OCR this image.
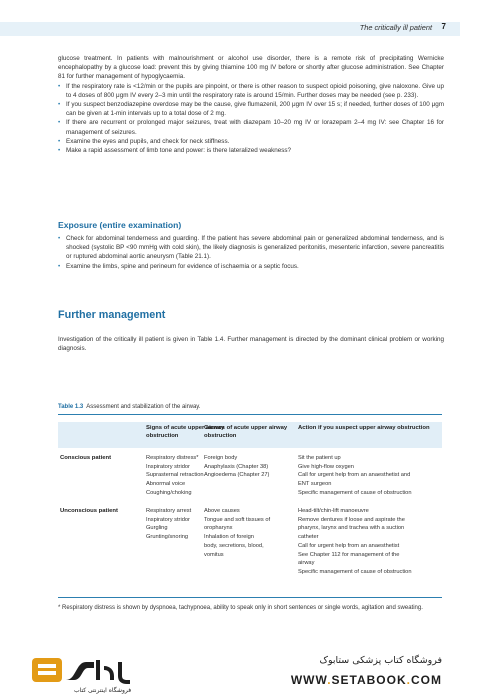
The critically ill patient 7

glucose treatment. In patients with malnourishment or alcohol use disorder, there is a remote risk of precipitating Wernicke encephalopathy by a glucose load: prevent this by giving thiamine 100 mg IV before or shortly after glucose administration. See Chapter 81 for further management of hypoglycaemia.

• If the respiratory rate is <12/min or the pupils are pinpoint, or there is other reason to suspect opioid poisoning, give naloxone. Give up to 4 doses of 800 μgm IV every 2–3 min until the respiratory rate is around 15/min. Further doses may be needed (see p. 233).
• If you suspect benzodiazepine overdose may be the cause, give flumazenil, 200 μgm IV over 15 s; if needed, further doses of 100 μgm can be given at 1-min intervals up to a total dose of 2 mg.
• If there are recurrent or prolonged major seizures, treat with diazepam 10–20 mg IV or lorazepam 2–4 mg IV: see Chapter 16 for management of seizures.
• Examine the eyes and pupils, and check for neck stiffness.
• Make a rapid assessment of limb tone and power: is there lateralized weakness?
Exposure (entire examination)
• Check for abdominal tenderness and guarding. If the patient has severe abdominal pain or generalized abdominal tenderness, and is shocked (systolic BP <90 mmHg with cold skin), the likely diagnosis is generalized peritonitis, mesenteric infarction, severe pancreatitis or ruptured abdominal aortic aneurysm (Table 21.1).
• Examine the limbs, spine and perineum for evidence of ischaemia or a septic focus.
Further management

Investigation of the critically ill patient is given in Table 1.4. Further management is directed by the dominant clinical problem or working diagnosis.

Table 1.3 Assessment and stabilization of the airway.
Signs of acute upper airway obstruction
Causes of acute upper airway obstruction
Action if you suspect upper airway obstruction
Conscious patient	Respiratory distress*
Inspiratory stridor
Suprasternal retraction
Abnormal voice
Coughing/choking
Foreign body
Anaphylaxis (Chapter 38)
Angioedema (Chapter 27)
Sit the patient up
Give high-flow oxygen
Call for urgent help from an anaesthetist and
ENT surgeon
Specific management of cause of obstruction
Unconscious patient	Respiratory arrest
Inspiratory stridor
Gurgling
Grunting/snoring
Above causes
Tongue and soft tissues of
oropharynx
Inhalation of foreign
body, secretions, blood,
vomitus
Head-tilt/chin-lift manoeuvre
Remove dentures if loose and aspirate the
pharynx, larynx and trachea with a suction
catheter
Call for urgent help from an anaesthetist
See Chapter 112 for management of the
airway
Specific management of cause of obstruction
* Respiratory distress is shown by dyspnoea, tachypnoea, ability to speak only in short sentences or single words, agitation and sweating.
فروشگاه اینترنتی کتاب
فروشگاه کتاب پزشکی ستابوک
WWW.SETABOOK.COM
